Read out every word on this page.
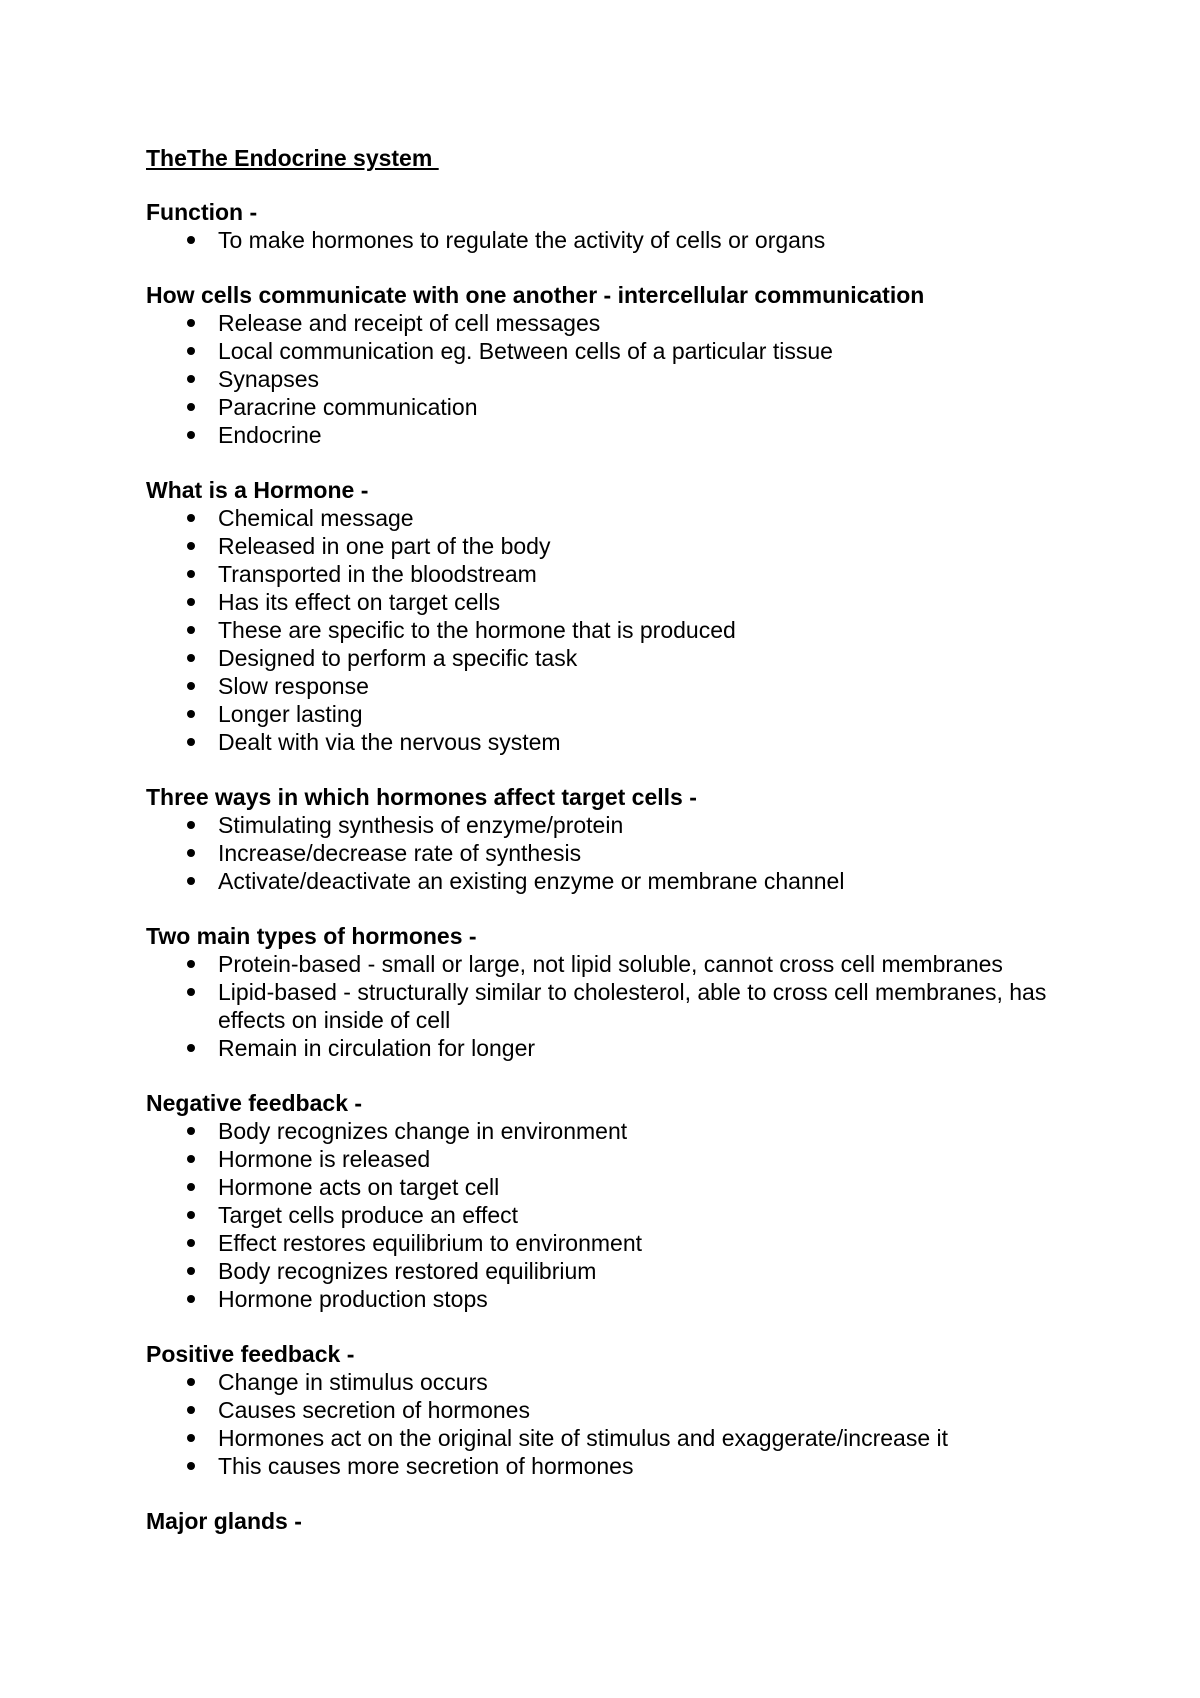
TheThe Endocrine system
Function -
To make hormones to regulate the activity of cells or organs
How cells communicate with one another - intercellular communication
Release and receipt of cell messages
Local communication eg. Between cells of a particular tissue
Synapses
Paracrine communication
Endocrine
What is a Hormone -
Chemical message
Released in one part of the body
Transported in the bloodstream
Has its effect on target cells
These are specific to the hormone that is produced
Designed to perform a specific task
Slow response
Longer lasting
Dealt with via the nervous system
Three ways in which hormones affect target cells -
Stimulating synthesis of enzyme/protein
Increase/decrease rate of synthesis
Activate/deactivate an existing enzyme or membrane channel
Two main types of hormones -
Protein-based - small or large, not lipid soluble, cannot cross cell membranes
Lipid-based - structurally similar to cholesterol, able to cross cell membranes, has effects on inside of cell
Remain in circulation for longer
Negative feedback -
Body recognizes change in environment
Hormone is released
Hormone acts on target cell
Target cells produce an effect
Effect restores equilibrium to environment
Body recognizes restored equilibrium
Hormone production stops
Positive feedback -
Change in stimulus occurs
Causes secretion of hormones
Hormones act on the original site of stimulus and exaggerate/increase it
This causes more secretion of hormones
Major glands -
